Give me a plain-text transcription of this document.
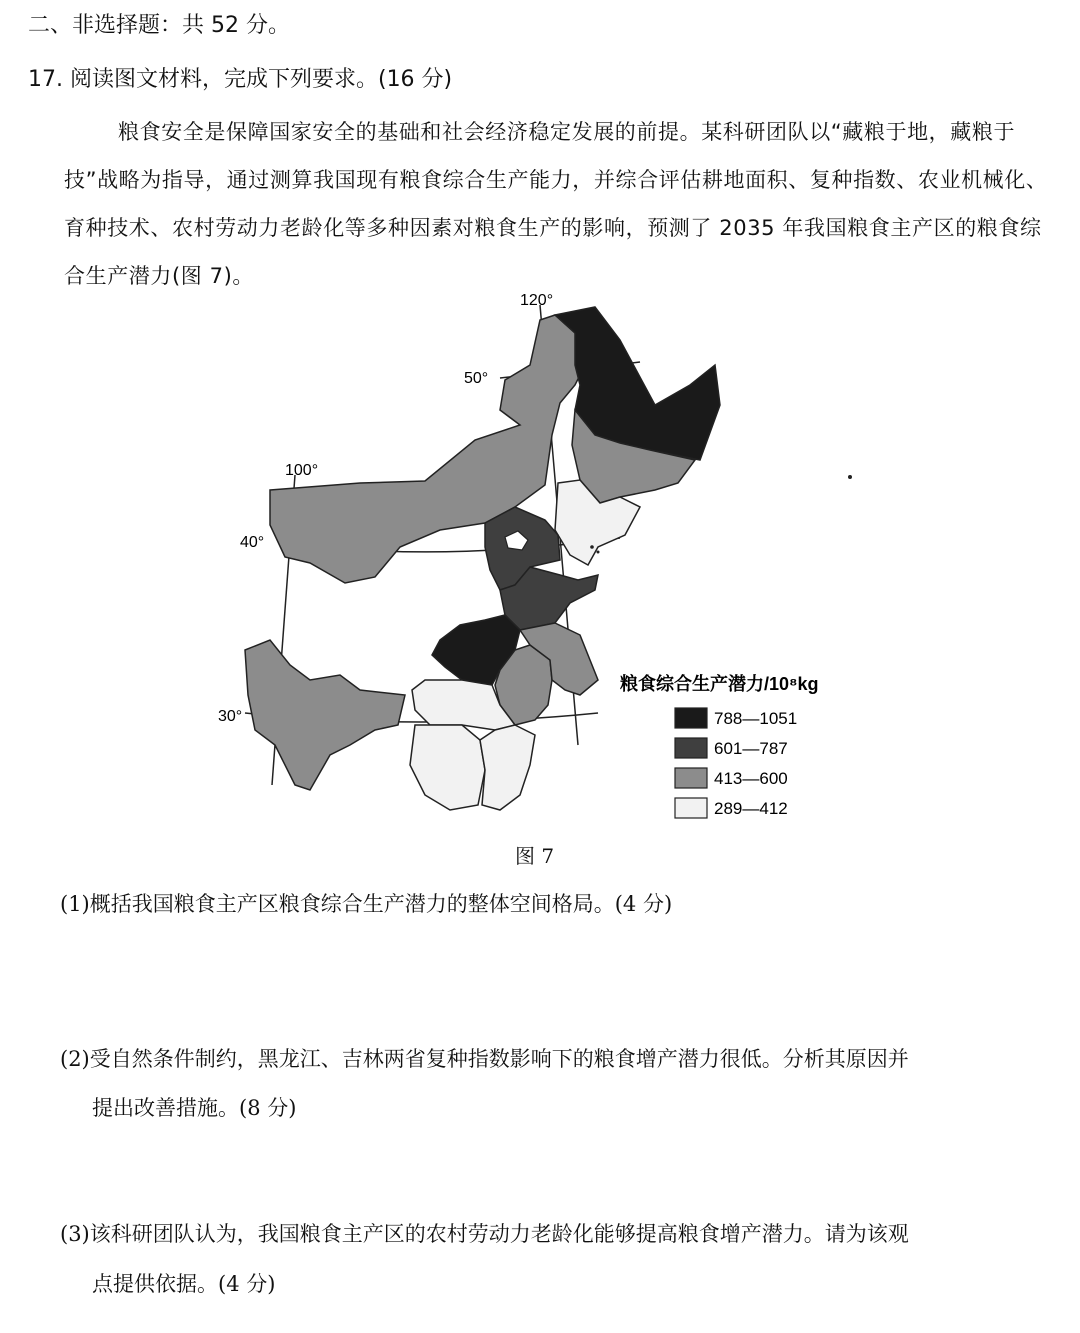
二、非选择题：共 52 分。
17. 阅读图文材料，完成下列要求。(16 分)
粮食安全是保障国家安全的基础和社会经济稳定发展的前提。某科研团队以“藏粮于地，藏粮于技”战略为指导，通过测算我国现有粮食综合生产能力，并综合评估耕地面积、复种指数、农业机械化、育种技术、农村劳动力老龄化等多种因素对粮食生产的影响，预测了 2035 年我国粮食主产区的粮食综合生产潜力(图 7)。
120°
100°
50°
40°
30°
粮食综合生产潜力/10⁸kg
788—1051
601—787
413—600
289—412
图 7
(1)概括我国粮食主产区粮食综合生产潜力的整体空间格局。(4 分)
(2)受自然条件制约，黑龙江、吉林两省复种指数影响下的粮食增产潜力很低。分析其原因并
提出改善措施。(8 分)
(3)该科研团队认为，我国粮食主产区的农村劳动力老龄化能够提高粮食增产潜力。请为该观
点提供依据。(4 分)
